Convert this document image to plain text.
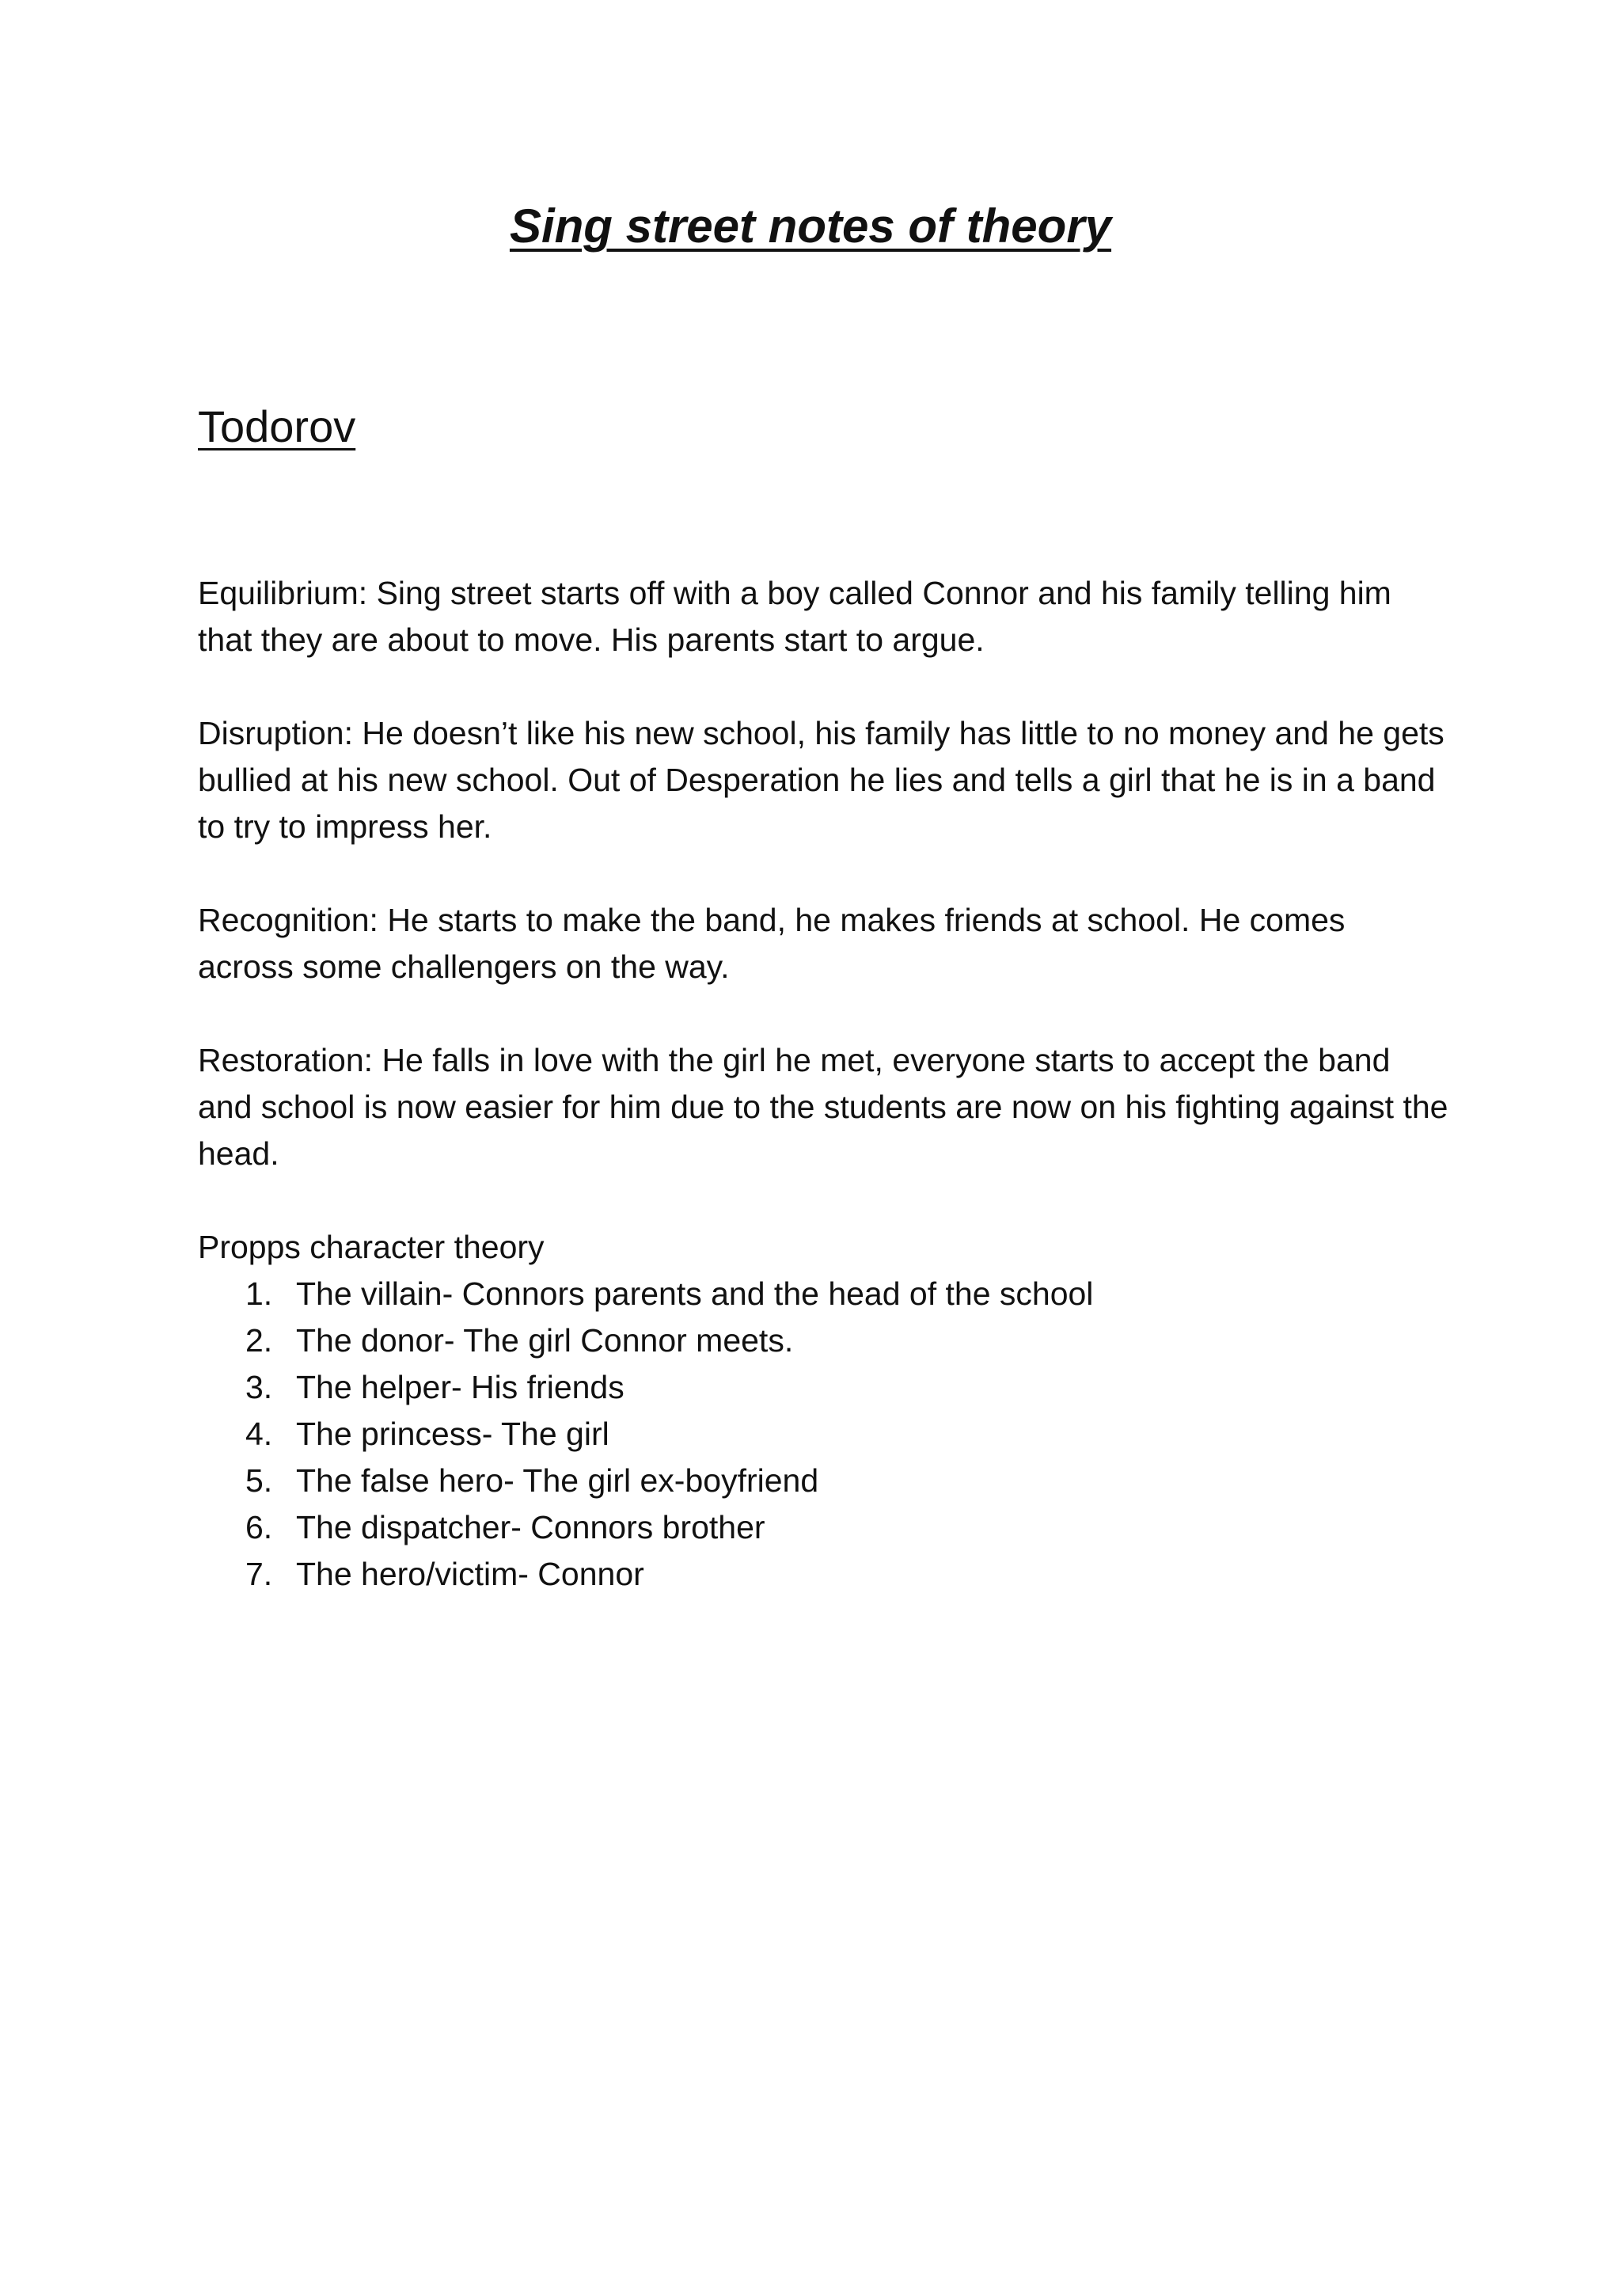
Sing street notes of theory
Todorov

Equilibrium: Sing street starts off with a boy called Connor and his family telling him that they are about to move. His parents start to argue.

Disruption: He doesn’t like his new school, his family has little to no money and he gets bullied at his new school. Out of Desperation he lies and tells a girl that he is in a band to try to impress her.

Recognition: He starts to make the band, he makes friends at school. He comes across some challengers on the way.

Restoration: He falls in love with the girl he met, everyone starts to accept the band and school is now easier for him due to the students are now on his fighting against the head.

Propps character theory

1. The villain- Connors parents and the head of the school
2. The donor- The girl Connor meets.
3. The helper- His friends
4. The princess- The girl
5. The false hero- The girl ex-boyfriend
6. The dispatcher- Connors brother
7. The hero/victim- Connor
